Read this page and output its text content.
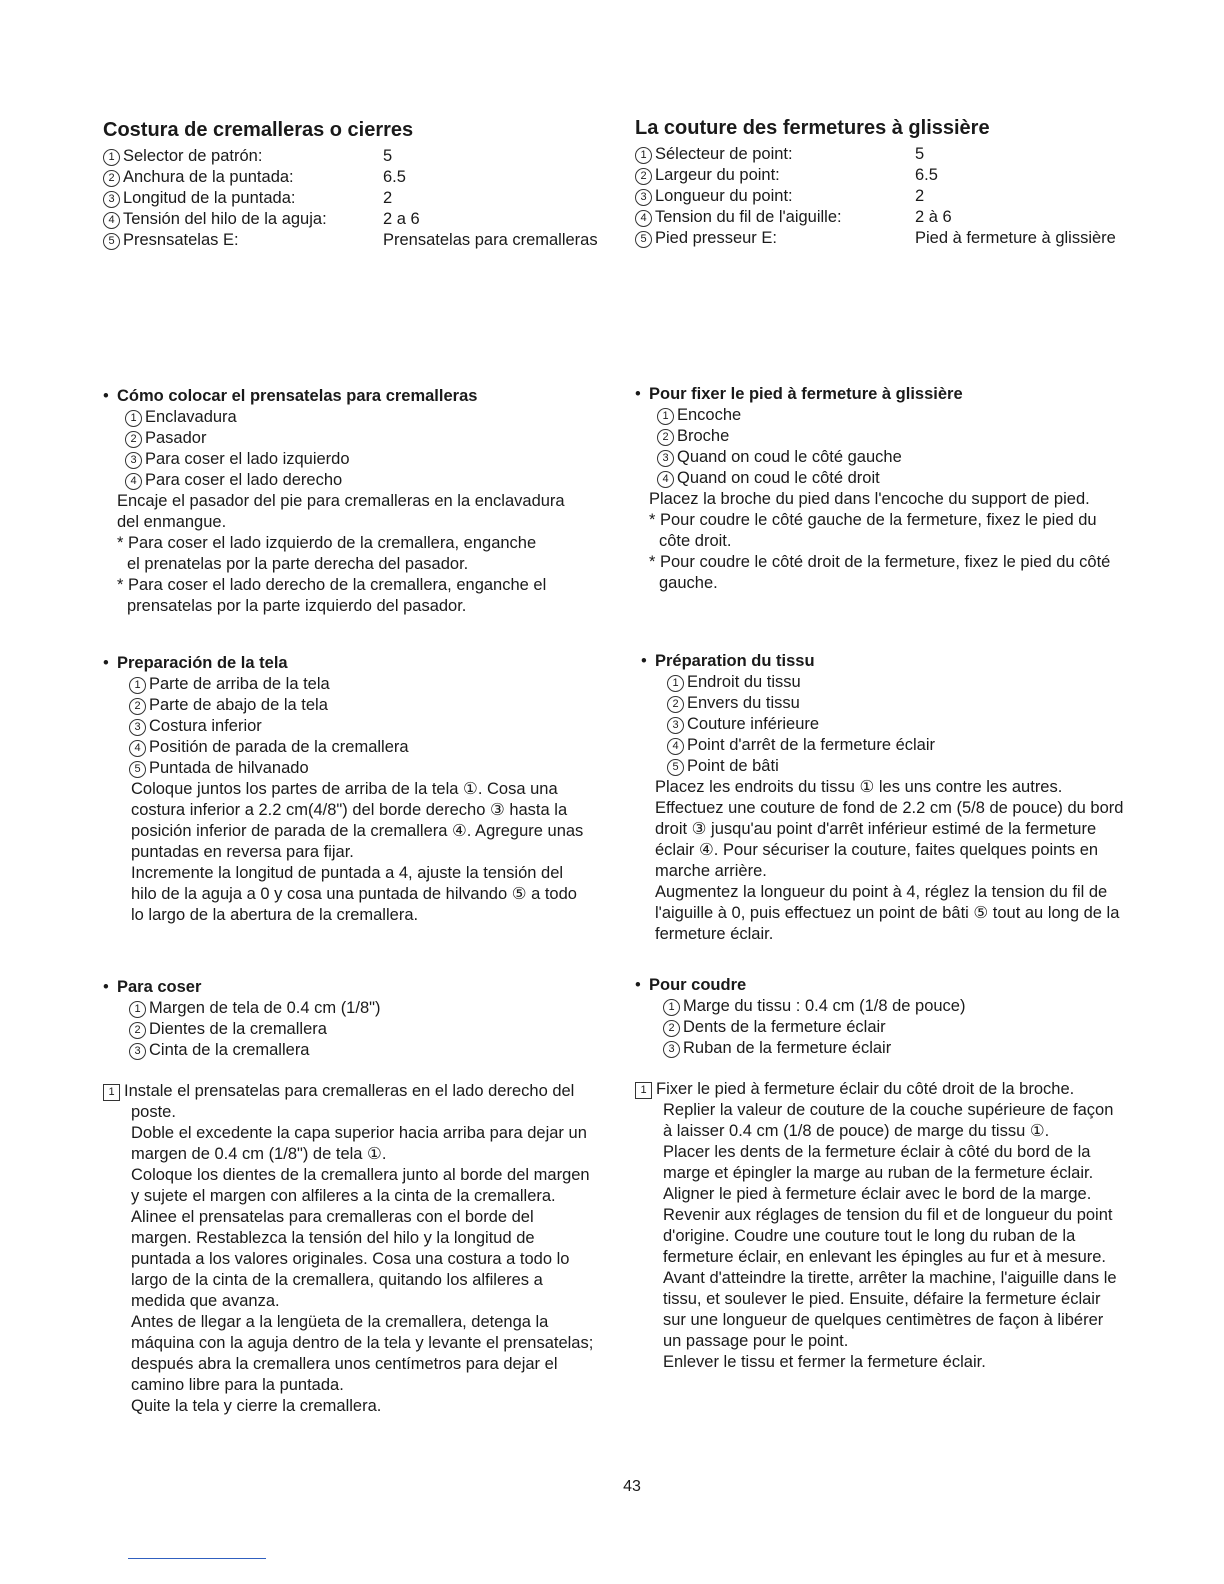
Costura de cremalleras o cierres
1 Selector de patrón:	5
2 Anchura de la puntada:	6.5
3 Longitud de la puntada:	2
4 Tensión del hilo de la aguja:	2 a 6
5 Presnsatelas E:	Prensatelas para cremalleras
• Cómo colocar el prensatelas para cremalleras
1 Enclavadura
2 Pasador
3 Para coser el lado izquierdo
4 Para coser el lado derecho
Encaje el pasador del pie para cremalleras en la enclavadura
del enmangue.
* Para coser el lado izquierdo de la cremallera, enganche
el prenatelas por la parte derecha del pasador.
* Para coser el lado derecho de la cremallera, enganche el
prensatelas por la parte izquierdo del pasador.
• Preparación de la tela
1 Parte de arriba de la tela
2 Parte de abajo de la tela
3 Costura inferior
4 Positión de parada de la cremallera
5 Puntada de hilvanado
Coloque juntos los partes de arriba de la tela ①. Cosa una
costura inferior a 2.2 cm(4/8") del borde derecho ③ hasta la
posición inferior de parada de la cremallera ④. Agregure unas
puntadas en reversa para fijar.
Incremente la longitud de puntada a 4, ajuste la tensión del
hilo de la aguja a 0 y cosa una puntada de hilvando ⑤ a todo
lo largo de la abertura de la cremallera.
• Para coser
1 Margen de tela de 0.4 cm (1/8")
2 Dientes de la cremallera
3 Cinta de la cremallera
1 Instale el prensatelas para cremalleras en el lado derecho del
poste.
Doble el excedente la capa superior hacia arriba para dejar un
margen de 0.4 cm (1/8") de tela ①.
Coloque los dientes de la cremallera junto al borde del margen
y sujete el margen con alfileres a la cinta de la cremallera.
Alinee el prensatelas para cremalleras con el borde del
margen. Restablezca la tensión del hilo y la longitud de
puntada a los valores originales. Cosa una costura a todo lo
largo de la cinta de la cremallera, quitando los alfileres a
medida que avanza.
Antes de llegar a la lengüeta de la cremallera, detenga la
máquina con la aguja dentro de la tela y levante el prensatelas;
después abra la cremallera unos centímetros para dejar el
camino libre para la puntada.
Quite la tela y cierre la cremallera.
La couture des fermetures à glissière
1 Sélecteur de point:	5
2 Largeur du point:	6.5
3 Longueur du point:	2
4 Tension du fil de l'aiguille:	2 à 6
5 Pied presseur E:	Pied à fermeture à glissière
• Pour fixer le pied à fermeture à glissière
1 Encoche
2 Broche
3 Quand on coud le côté gauche
4 Quand on coud le côté droit
Placez la broche du pied dans l'encoche du support de pied.
* Pour coudre le côté gauche de la fermeture, fixez le pied du
côte droit.
* Pour coudre le côté droit de la fermeture, fixez le pied du côté
gauche.
• Préparation du tissu
1 Endroit du tissu
2 Envers du tissu
3 Couture inférieure
4 Point d'arrêt de la fermeture éclair
5 Point de bâti
Placez les endroits du tissu ① les uns contre les autres.
Effectuez une couture de fond de 2.2 cm (5/8 de pouce) du bord
droit ③ jusqu'au point d'arrêt inférieur estimé de la fermeture
éclair ④. Pour sécuriser la couture, faites quelques points en
marche arrière.
Augmentez la longueur du point à 4, réglez la tension du fil de
l'aiguille à 0, puis effectuez un point de bâti ⑤ tout au long de la
fermeture éclair.
• Pour coudre
1 Marge du tissu : 0.4 cm (1/8 de pouce)
2 Dents de la fermeture éclair
3 Ruban de la fermeture éclair
1 Fixer le pied à fermeture éclair du côté droit de la broche.
Replier la valeur de couture de la couche supérieure de façon
à laisser 0.4 cm (1/8 de pouce) de marge du tissu ①.
Placer les dents de la fermeture éclair à côté du bord de la
marge et épingler la marge au ruban de la fermeture éclair.
Aligner le pied à fermeture éclair avec le bord de la marge.
Revenir aux réglages de tension du fil et de longueur du point
d'origine. Coudre une couture tout le long du ruban de la
fermeture éclair, en enlevant les épingles au fur et à mesure.
Avant d'atteindre la tirette, arrêter la machine, l'aiguille dans le
tissu, et soulever le pied. Ensuite, défaire la fermeture éclair
sur une longueur de quelques centimètres de façon à libérer
un passage pour le point.
Enlever le tissu et fermer la fermeture éclair.
43
